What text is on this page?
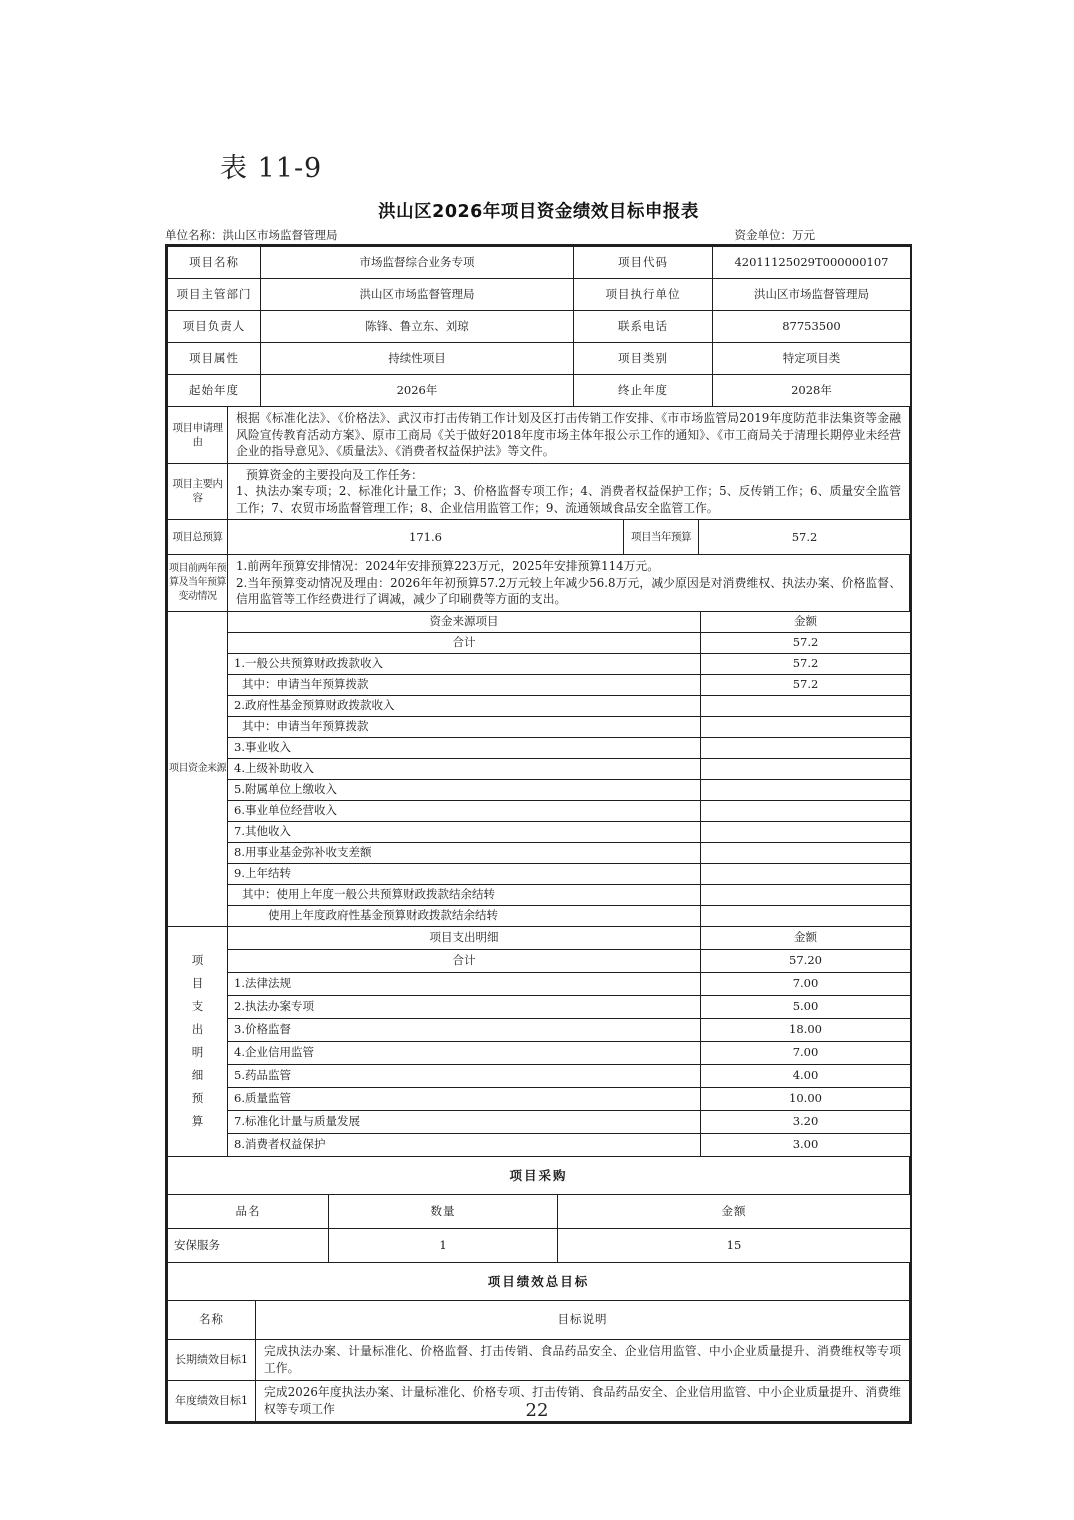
表 11-9
洪山区2026年项目资金绩效目标申报表
单位名称：洪山区市场监督管理局	资金单位：万元
项目名称	市场监督综合业务专项	项目代码	42011125029T000000107
项目主管部门	洪山区市场监督管理局	项目执行单位	洪山区市场监督管理局
项目负责人	陈锋、鲁立东、刘琼	联系电话	87753500
项目属性	持续性项目	项目类别	特定项目类
起始年度	2026年	终止年度	2028年
项目申请理由	根据《标准化法》、《价格法》、武汉市打击传销工作计划及区打击传销工作安排、《市市场监管局2019年度防范非法集资等金融风险宣传教育活动方案》、原市工商局《关于做好2018年度市场主体年报公示工作的通知》、《市工商局关于清理长期停业未经营企业的指导意见》、《质量法》、《消费者权益保护法》等文件。
项目主要内容	预算资金的主要投向及工作任务：
1、执法办案专项；2、标准化计量工作；3、价格监督专项工作；4、消费者权益保护工作；5、反传销工作；6、质量安全监管工作；7、农贸市场监督管理工作；8、企业信用监管工作；9、流通领域食品安全监管工作。
项目总预算	171.6	项目当年预算	57.2
项目前两年预算及当年预算变动情况	
1.前两年预算安排情况：2024年安排预算223万元，2025年安排预算114万元。
2.当年预算变动情况及理由：2026年年初预算57.2万元较上年减少56.8万元，减少原因是对消费维权、执法办案、价格监督、信用监管等工作经费进行了调减，减少了印刷费等方面的支出。
项目资金来源	资金来源项目	金额
	合计	57.2
	1.一般公共预算财政拨款收入	57.2
	其中：申请当年预算拨款	57.2
	2.政府性基金预算财政拨款收入	
	其中：申请当年预算拨款	
	3.事业收入	
	4.上级补助收入	
	5.附属单位上缴收入	
	6.事业单位经营收入	
	7.其他收入	
	8.用事业基金弥补收支差额	
	9.上年结转	
	其中：使用上年度一般公共预算财政拨款结余结转	
	使用上年度政府性基金预算财政拨款结余结转	
项目支出明细预算	项目支出明细	金额
	合计	57.20
	1.法律法规	7.00
	2.执法办案专项	5.00
	3.价格监督	18.00
	4.企业信用监管	7.00
	5.药品监管	4.00
	6.质量监管	10.00
	7.标准化计量与质量发展	3.20
	8.消费者权益保护	3.00
项目采购
品名	数量	金额
安保服务	1	15
项目绩效总目标
名称	目标说明
长期绩效目标1	完成执法办案、计量标准化、价格监督、打击传销、食品药品安全、企业信用监管、中小企业质量提升、消费维权等专项工作。
年度绩效目标1	完成2026年度执法办案、计量标准化、价格专项、打击传销、食品药品安全、企业信用监管、中小企业质量提升、消费维权等专项工作	22
